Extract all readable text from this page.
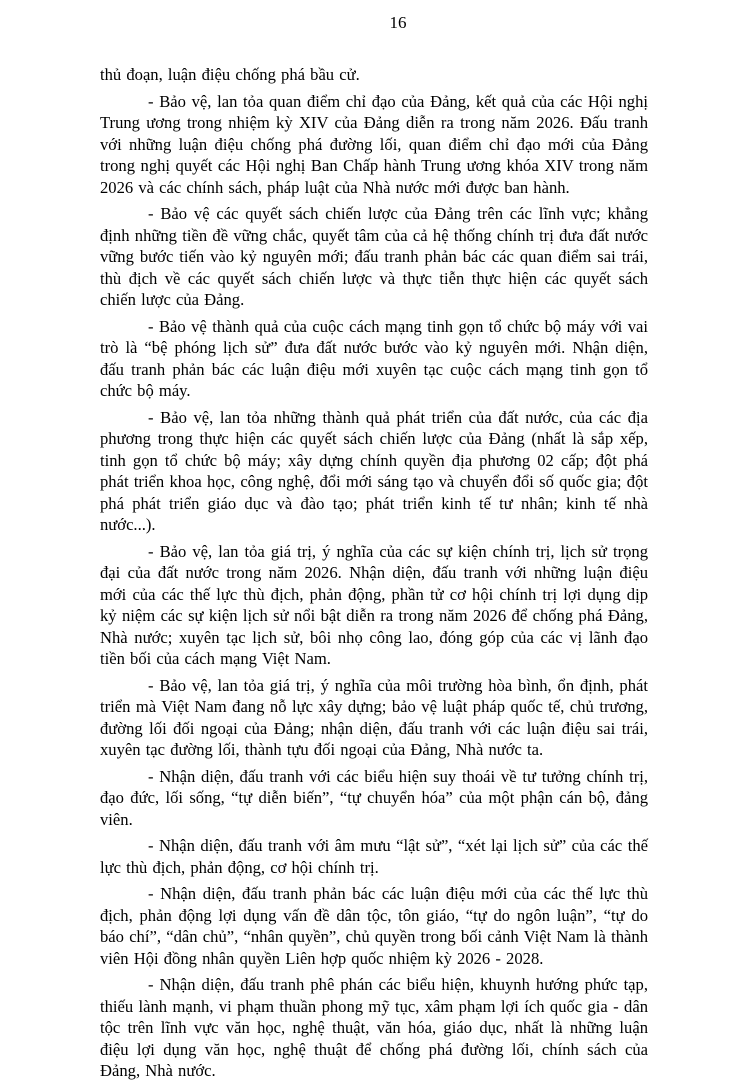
16

thủ đoạn, luận điệu chống phá bầu cử.

- Bảo vệ, lan tỏa quan điểm chỉ đạo của Đảng, kết quả của các Hội nghị Trung ương trong nhiệm kỳ XIV của Đảng diễn ra trong năm 2026. Đấu tranh với những luận điệu chống phá đường lối, quan điểm chỉ đạo mới của Đảng trong nghị quyết các Hội nghị Ban Chấp hành Trung ương khóa XIV trong năm 2026 và các chính sách, pháp luật của Nhà nước mới được ban hành.

- Bảo vệ các quyết sách chiến lược của Đảng trên các lĩnh vực; khẳng định những tiền đề vững chắc, quyết tâm của cả hệ thống chính trị đưa đất nước vững bước tiến vào kỷ nguyên mới; đấu tranh phản bác các quan điểm sai trái, thù địch về các quyết sách chiến lược và thực tiễn thực hiện các quyết sách chiến lược của Đảng.

- Bảo vệ thành quả của cuộc cách mạng tinh gọn tổ chức bộ máy với vai trò là “bệ phóng lịch sử” đưa đất nước bước vào kỷ nguyên mới. Nhận diện, đấu tranh phản bác các luận điệu mới xuyên tạc cuộc cách mạng tinh gọn tổ chức bộ máy.

- Bảo vệ, lan tỏa những thành quả phát triển của đất nước, của các địa phương trong thực hiện các quyết sách chiến lược của Đảng (nhất là sắp xếp, tinh gọn tổ chức bộ máy; xây dựng chính quyền địa phương 02 cấp; đột phá phát triển khoa học, công nghệ, đổi mới sáng tạo và chuyển đổi số quốc gia; đột phá phát triển giáo dục và đào tạo; phát triển kinh tế tư nhân; kinh tế nhà nước...).

- Bảo vệ, lan tỏa giá trị, ý nghĩa của các sự kiện chính trị, lịch sử trọng đại của đất nước trong năm 2026. Nhận diện, đấu tranh với những luận điệu mới của các thế lực thù địch, phản động, phần tử cơ hội chính trị lợi dụng dịp kỷ niệm các sự kiện lịch sử nổi bật diễn ra trong năm 2026 để chống phá Đảng, Nhà nước; xuyên tạc lịch sử, bôi nhọ công lao, đóng góp của các vị lãnh đạo tiền bối của cách mạng Việt Nam.

- Bảo vệ, lan tỏa giá trị, ý nghĩa của môi trường hòa bình, ổn định, phát triển mà Việt Nam đang nỗ lực xây dựng; bảo vệ luật pháp quốc tế, chủ trương, đường lối đối ngoại của Đảng; nhận diện, đấu tranh với các luận điệu sai trái, xuyên tạc đường lối, thành tựu đối ngoại của Đảng, Nhà nước ta.

- Nhận diện, đấu tranh với các biểu hiện suy thoái về tư tưởng chính trị, đạo đức, lối sống, “tự diễn biến”, “tự chuyển hóa” của một phận cán bộ, đảng viên.

- Nhận diện, đấu tranh với âm mưu “lật sử”, “xét lại lịch sử” của các thế lực thù địch, phản động, cơ hội chính trị.

- Nhận diện, đấu tranh phản bác các luận điệu mới của các thế lực thù địch, phản động lợi dụng vấn đề dân tộc, tôn giáo, “tự do ngôn luận”, “tự do báo chí”, “dân chủ”, “nhân quyền”, chủ quyền trong bối cảnh Việt Nam là thành viên Hội đồng nhân quyền Liên hợp quốc nhiệm kỳ 2026 - 2028.

- Nhận diện, đấu tranh phê phán các biểu hiện, khuynh hướng phức tạp, thiếu lành mạnh, vi phạm thuần phong mỹ tục, xâm phạm lợi ích quốc gia - dân tộc trên lĩnh vực văn học, nghệ thuật, văn hóa, giáo dục, nhất là những luận điệu lợi dụng văn học, nghệ thuật để chống phá đường lối, chính sách của Đảng, Nhà nước.
